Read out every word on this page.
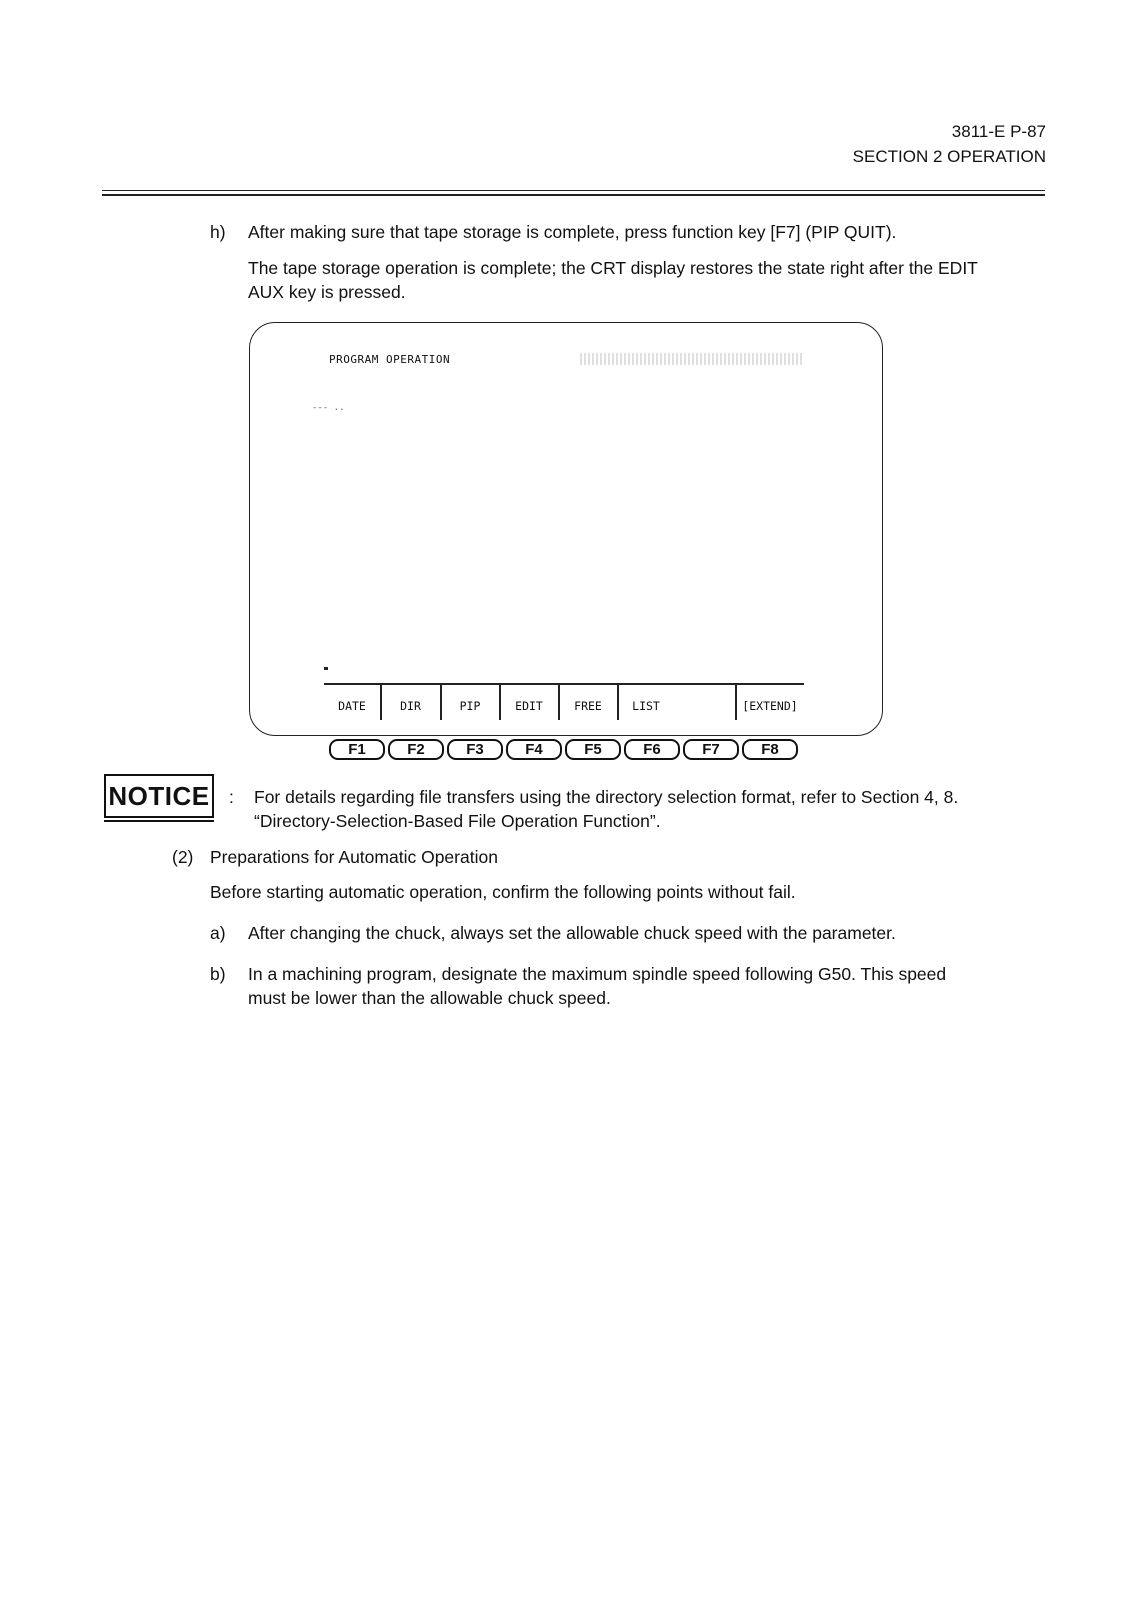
3811-E P-87
SECTION 2 OPERATION
h) After making sure that tape storage is complete, press function key [F7] (PIP QUIT).
The tape storage operation is complete; the CRT display restores the state right after the EDIT
AUX key is pressed.
PROGRAM OPERATION
--- ..
DATE	DIR	PIP	EDIT	FREE	LIST	[EXTEND]
F1	F2	F3	F4	F5	F6	F7	F8
NOTICE : For details regarding file transfers using the directory selection format, refer to Section 4, 8.
“Directory-Selection-Based File Operation Function”.
(2) Preparations for Automatic Operation
Before starting automatic operation, confirm the following points without fail.
a) After changing the chuck, always set the allowable chuck speed with the parameter.
b) In a machining program, designate the maximum spindle speed following G50. This speed
must be lower than the allowable chuck speed.
